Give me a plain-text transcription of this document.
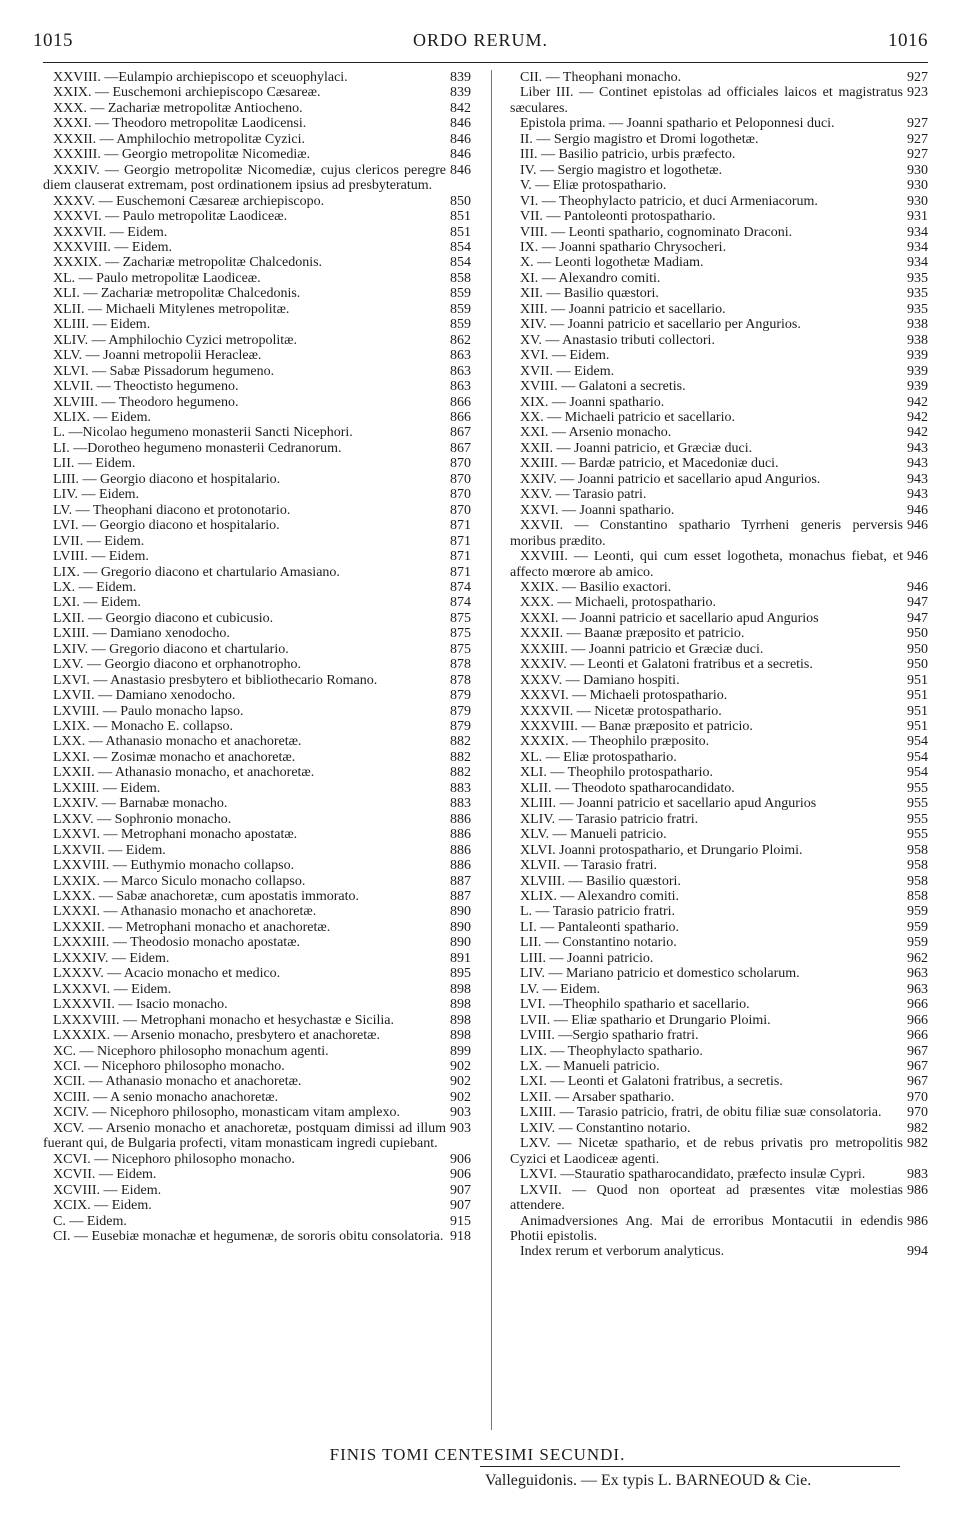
1015	ORDO RERUM.	1016
839
XXVIII. —Eulampio archiepiscopo et sceuophylaci.
839
XXIX. — Euschemoni archiepiscopo Cæsareæ.
842
XXX. — Zachariæ metropolitæ Antiocheno.
846
XXXI. — Theodoro metropolitæ Laodicensi.
846
XXXII. — Amphilochio metropolitæ Cyzici.
846
XXXIII. — Georgio metropolitæ Nicomediæ.
846
XXXIV. — Georgio metropolitæ Nicomediæ, cujus clericos peregre diem clauserat extremam, post ordinationem ipsius ad presbyteratum.
850
XXXV. — Euschemoni Cæsareæ archiepiscopo.
851
XXXVI. — Paulo metropolitæ Laodiceæ.
851
XXXVII. — Eidem.
854
XXXVIII. — Eidem.
854
XXXIX. — Zachariæ metropolitæ Chalcedonis.
858
XL. — Paulo metropolitæ Laodiceæ.
859
XLI. — Zachariæ metropolitæ Chalcedonis.
859
XLII. — Michaeli Mitylenes metropolitæ.
859
XLIII. — Eidem.
862
XLIV. — Amphilochio Cyzici metropolitæ.
863
XLV. — Joanni metropolii Heracleæ.
863
XLVI. — Sabæ Pissadorum hegumeno.
863
XLVII. — Theoctisto hegumeno.
866
XLVIII. — Theodoro hegumeno.
866
XLIX. — Eidem.
867
L. —Nicolao hegumeno monasterii Sancti Nicephori.
867
LI. —Dorotheo hegumeno monasterii Cedranorum.
870
LII. — Eidem.
870
LIII. — Georgio diacono et hospitalario.
870
LIV. — Eidem.
870
LV. — Theophani diacono et protonotario.
871
LVI. — Georgio diacono et hospitalario.
871
LVII. — Eidem.
871
LVIII. — Eidem.
871
LIX. — Gregorio diacono et chartulario Amasiano.
874
LX. — Eidem.
874
LXI. — Eidem.
875
LXII. — Georgio diacono et cubicusio.
875
LXIII. — Damiano xenodocho.
875
LXIV. — Gregorio diacono et chartulario.
878
LXV. — Georgio diacono et orphanotropho.
878
LXVI. — Anastasio presbytero et bibliothecario Romano.
879
LXVII. — Damiano xenodocho.
879
LXVIII. — Paulo monacho lapso.
879
LXIX. — Monacho E. collapso.
882
LXX. — Athanasio monacho et anachoretæ.
882
LXXI. — Zosimæ monacho et anachoretæ.
882
LXXII. — Athanasio monacho, et anachoretæ.
883
LXXIII. — Eidem.
883
LXXIV. — Barnabæ monacho.
886
LXXV. — Sophronio monacho.
886
LXXVI. — Metrophani monacho apostatæ.
886
LXXVII. — Eidem.
886
LXXVIII. — Euthymio monacho collapso.
887
LXXIX. — Marco Siculo monacho collapso.
887
LXXX. — Sabæ anachoretæ, cum apostatis immorato.
890
LXXXI. — Athanasio monacho et anachoretæ.
890
LXXXII. — Metrophani monacho et anachoretæ.
890
LXXXIII. — Theodosio monacho apostatæ.
891
LXXXIV. — Eidem.
895
LXXXV. — Acacio monacho et medico.
898
LXXXVI. — Eidem.
898
LXXXVII. — Isacio monacho.
898
LXXXVIII. — Metrophani monacho et hesychastæ e Sicilia.
898
LXXXIX. — Arsenio monacho, presbytero et anachoretæ.
899
XC. — Nicephoro philosopho monachum agenti.
902
XCI. — Nicephoro philosopho monacho.
902
XCII. — Athanasio monacho et anachoretæ.
902
XCIII. — A senio monacho anachoretæ.
903
XCIV. — Nicephoro philosopho, monasticam vitam amplexo.
903
XCV. — Arsenio monacho et anachoretæ, postquam dimissi ad illum fuerant qui, de Bulgaria profecti, vitam monasticam ingredi cupiebant.
906
XCVI. — Nicephoro philosopho monacho.
906
XCVII. — Eidem.
907
XCVIII. — Eidem.
907
XCIX. — Eidem.
915
C. — Eidem.
918
CI. — Eusebiæ monachæ et hegumenæ, de sororis obitu consolatoria.
927
CII. — Theophani monacho.
923
Liber III. — Continet epistolas ad officiales laicos et magistratus sæculares.
927
Epistola prima. — Joanni spathario et Peloponnesi duci.
927
II. — Sergio magistro et Dromi logothetæ.
927
III. — Basilio patricio, urbis præfecto.
930
IV. — Sergio magistro et logothetæ.
930
V. — Eliæ protospathario.
930
VI. — Theophylacto patricio, et duci Armeniacorum.
931
VII. — Pantoleonti protospathario.
934
VIII. — Leonti spathario, cognominato Draconi.
934
IX. — Joanni spathario Chrysocheri.
934
X. — Leonti logothetæ Madiam.
935
XI. — Alexandro comiti.
935
XII. — Basilio quæstori.
935
XIII. — Joanni patricio et sacellario.
938
XIV. — Joanni patricio et sacellario per Angurios.
938
XV. — Anastasio tributi collectori.
939
XVI. — Eidem.
939
XVII. — Eidem.
939
XVIII. — Galatoni a secretis.
942
XIX. — Joanni spathario.
942
XX. — Michaeli patricio et sacellario.
942
XXI. — Arsenio monacho.
943
XXII. — Joanni patricio, et Græciæ duci.
943
XXIII. — Bardæ patricio, et Macedoniæ duci.
943
XXIV. — Joanni patricio et sacellario apud Angurios.
943
XXV. — Tarasio patri.
946
XXVI. — Joanni spathario.
946
XXVII. — Constantino spathario Tyrrheni generis perversis moribus prædito.
946
XXVIII. — Leonti, qui cum esset logotheta, monachus fiebat, et affecto mœrore ab amico.
946
XXIX. — Basilio exactori.
947
XXX. — Michaeli, protospathario.
947
XXXI. — Joanni patricio et sacellario apud Angurios
950
XXXII. — Baanæ præposito et patricio.
950
XXXIII. — Joanni patricio et Græciæ duci.
950
XXXIV. — Leonti et Galatoni fratribus et a secretis.
951
XXXV. — Damiano hospiti.
951
XXXVI. — Michaeli protospathario.
951
XXXVII. — Nicetæ protospathario.
951
XXXVIII. — Banæ præposito et patricio.
954
XXXIX. — Theophilo præposito.
954
XL. — Eliæ protospathario.
954
XLI. — Theophilo protospathario.
955
XLII. — Theodoto spatharocandidato.
955
XLIII. — Joanni patricio et sacellario apud Angurios
955
XLIV. — Tarasio patricio fratri.
955
XLV. — Manueli patricio.
958
XLVI. Joanni protospathario, et Drungario Ploimi.
958
XLVII. — Tarasio fratri.
958
XLVIII. — Basilio quæstori.
858
XLIX. — Alexandro comiti.
959
L. — Tarasio patricio fratri.
959
LI. — Pantaleonti spathario.
959
LII. — Constantino notario.
962
LIII. — Joanni patricio.
963
LIV. — Mariano patricio et domestico scholarum.
963
LV. — Eidem.
966
LVI. —Theophilo spathario et sacellario.
966
LVII. — Eliæ spathario et Drungario Ploimi.
966
LVIII. —Sergio spathario fratri.
967
LIX. — Theophylacto spathario.
967
LX. — Manueli patricio.
967
LXI. — Leonti et Galatoni fratribus, a secretis.
970
LXII. — Arsaber spathario.
970
LXIII. — Tarasio patricio, fratri, de obitu filiæ suæ consolatoria.
982
LXIV. — Constantino notario.
982
LXV. — Nicetæ spathario, et de rebus privatis pro metropolitis Cyzici et Laodiceæ agenti.
983
LXVI. —Stauratio spatharocandidato, præfecto insulæ Cypri.
986
LXVII. — Quod non oporteat ad præsentes vitæ molestias attendere.
986
Animadversiones Ang. Mai de erroribus Montacutii in edendis Photii epistolis.
994
Index rerum et verborum analyticus.
FINIS TOMI CENTESIMI SECUNDI.
Valleguidonis. — Ex typis L. BARNEOUD & Cie.
